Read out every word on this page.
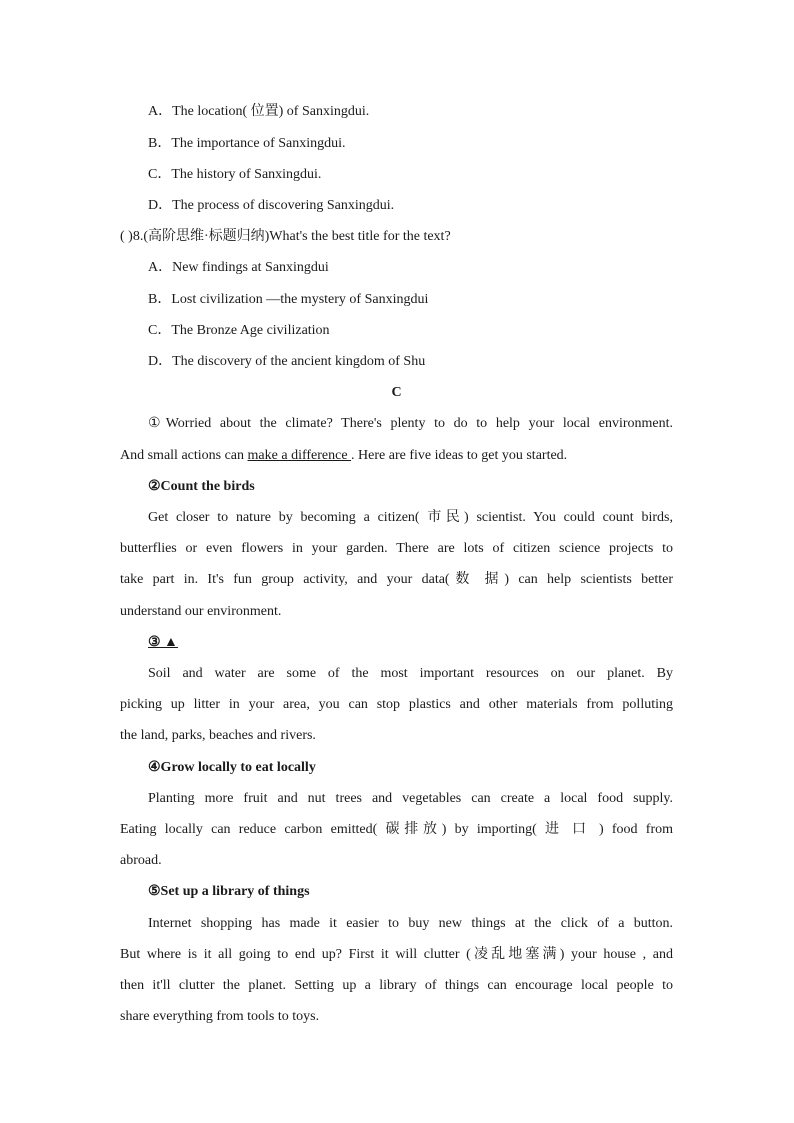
A．The location( 位置) of Sanxingdui.
B．The importance of Sanxingdui.
C．The history of Sanxingdui.
D．The process of discovering Sanxingdui.
( )8.(高阶思维·标题归纳)What's the best title for the text?
A．New findings at Sanxingdui
B．Lost civilization —the mystery of Sanxingdui
C．The Bronze Age civilization
D．The discovery of the ancient kingdom of Shu
C
①Worried about the climate? There's plenty to do to help your local environment.
And small actions can make a difference . Here are five ideas to get you started.
②Count the birds
Get closer to nature by becoming a citizen( 市民) scientist. You could count birds,
butterflies or even flowers in your garden. There are lots of citizen science projects to
take part in. It's fun group activity, and your data(数 据) can help scientists better
understand our environment.
③ ▲
Soil and water are some of the most important resources on our planet. By
picking up litter in your area, you can stop plastics and other materials from polluting
the land, parks, beaches and rivers.
④Grow locally to eat locally
Planting more fruit and nut trees and vegetables can create a local food supply.
Eating locally can reduce carbon emitted( 碳排放) by importing( 进 口 ) food from
abroad.
⑤Set up a library of things
Internet shopping has made it easier to buy new things at the click of a button.
But where is it all going to end up? First it will clutter (凌乱地塞满) your house , and
then it'll clutter the planet. Setting up a library of things can encourage local people to
share everything from tools to toys.
